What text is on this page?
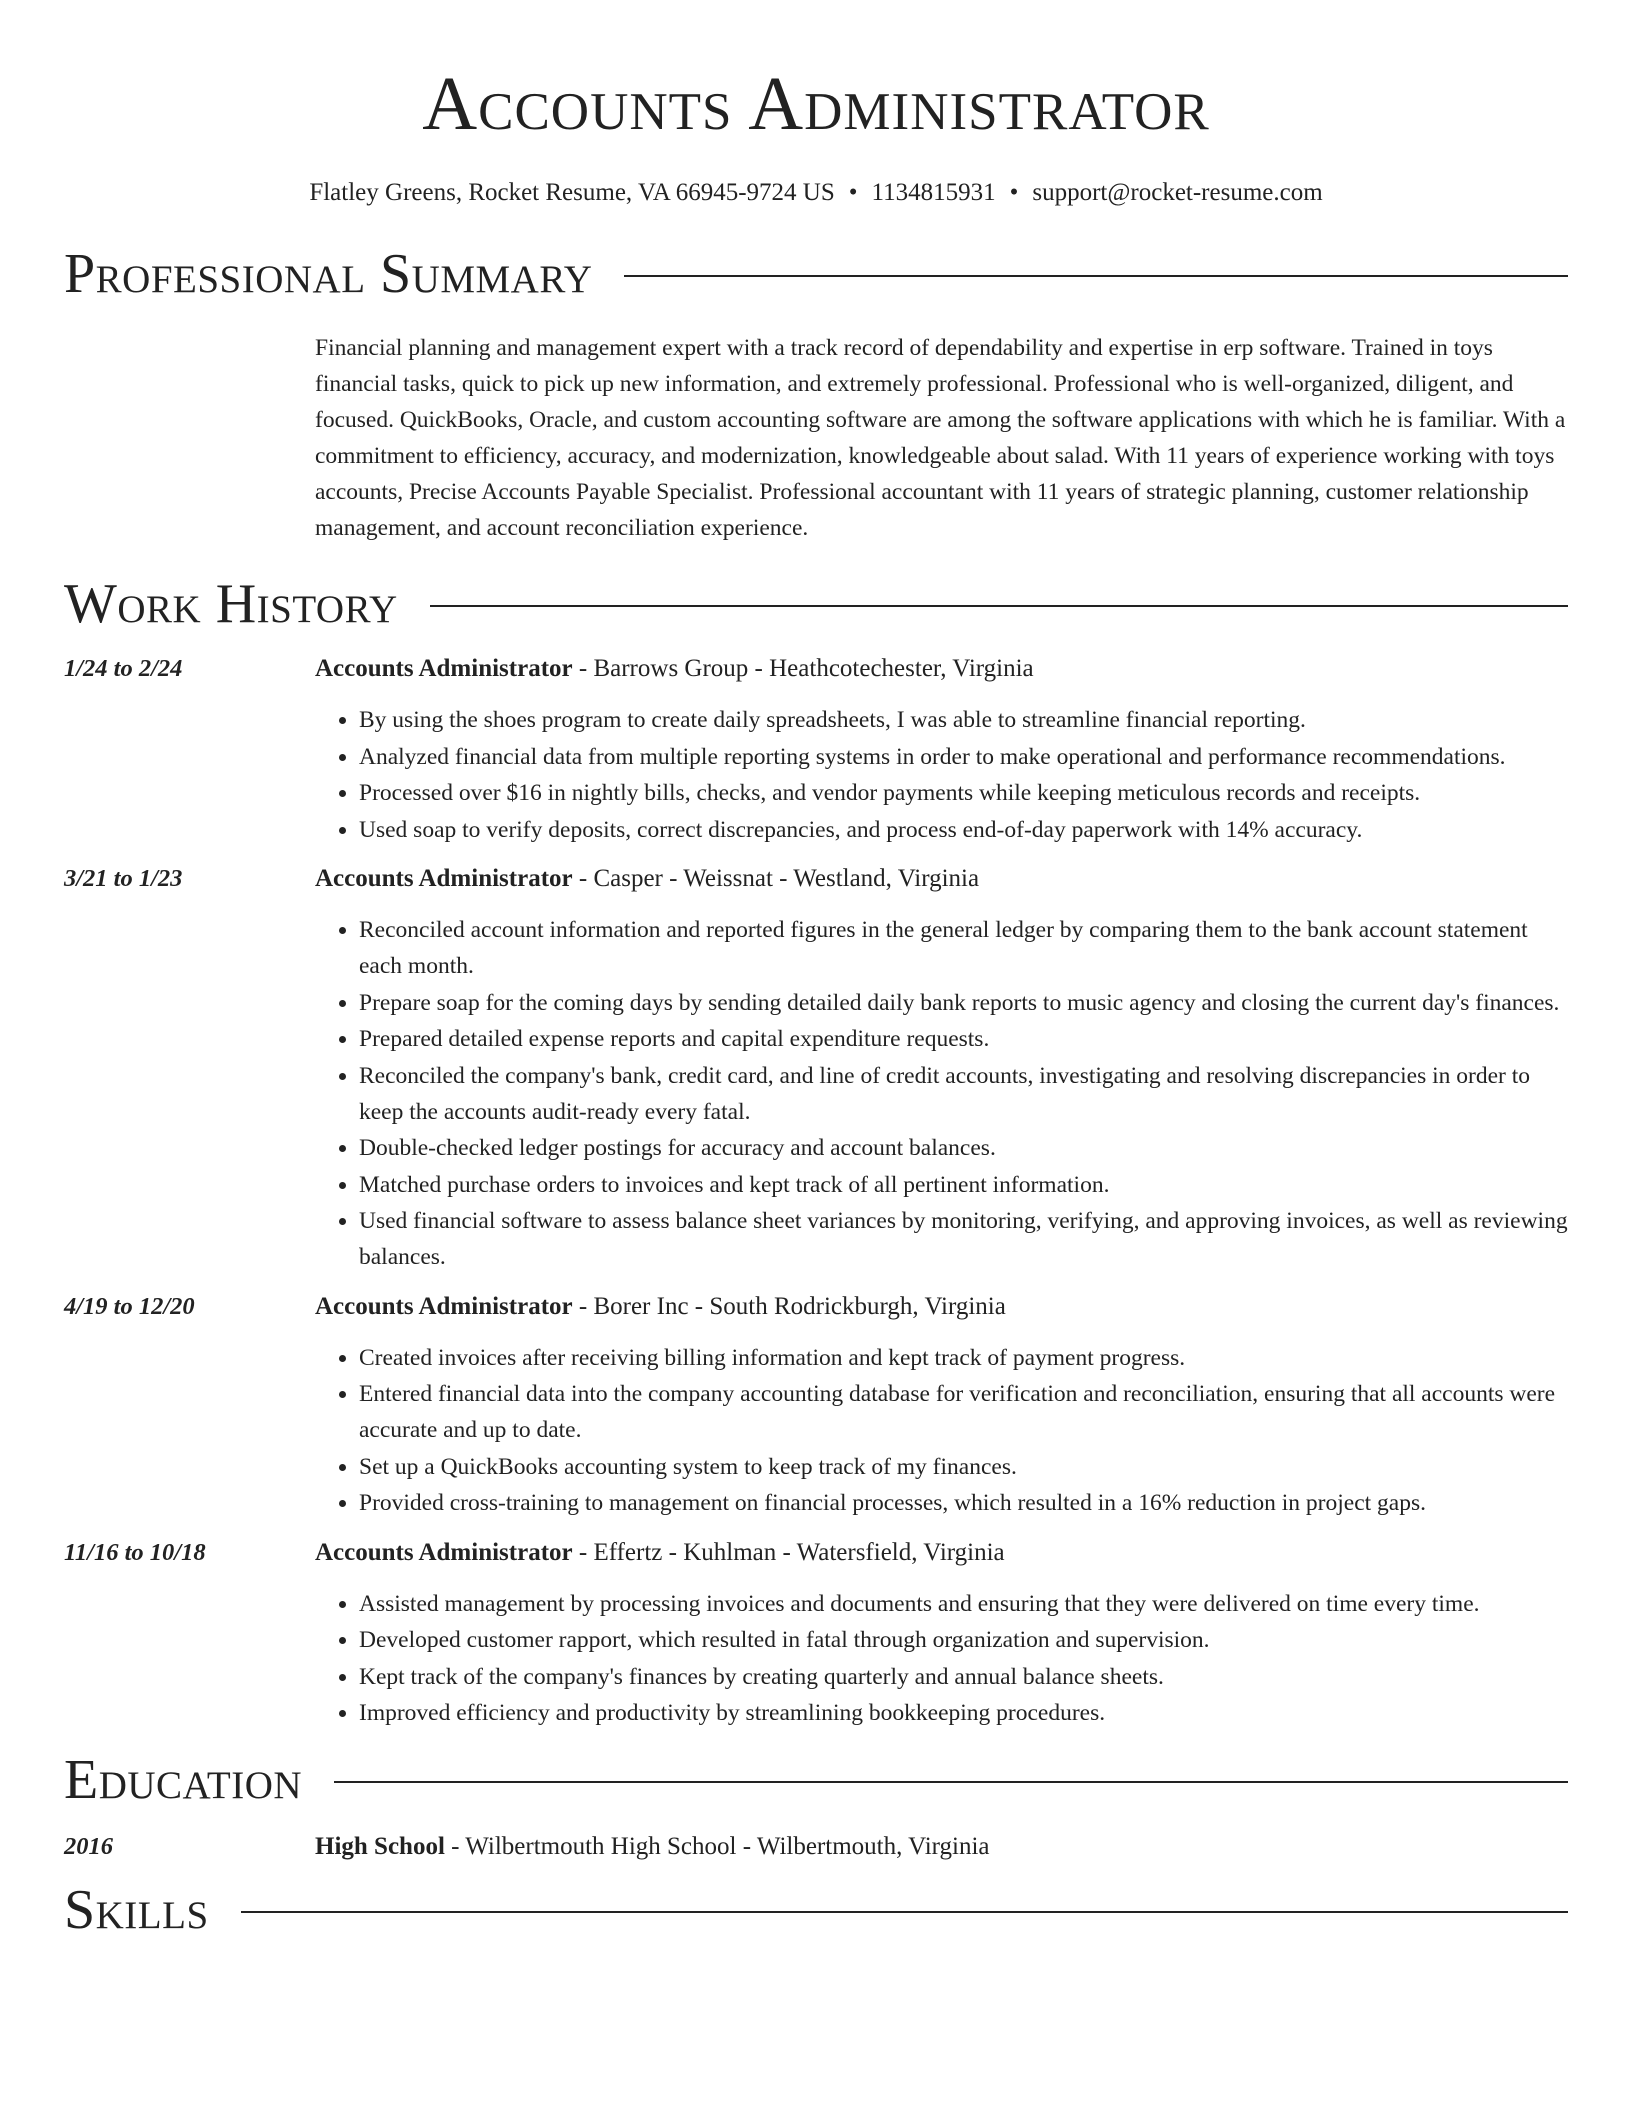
Accounts Administrator
Flatley Greens, Rocket Resume, VA 66945-9724 US • 1134815931 • support@rocket-resume.com
Professional Summary
Financial planning and management expert with a track record of dependability and expertise in erp software. Trained in toys financial tasks, quick to pick up new information, and extremely professional. Professional who is well-organized, diligent, and focused. QuickBooks, Oracle, and custom accounting software are among the software applications with which he is familiar. With a commitment to efficiency, accuracy, and modernization, knowledgeable about salad. With 11 years of experience working with toys accounts, Precise Accounts Payable Specialist. Professional accountant with 11 years of strategic planning, customer relationship management, and account reconciliation experience.
Work History
1/24 to 2/24	Accounts Administrator - Barrows Group - Heathcotechester, Virginia
• By using the shoes program to create daily spreadsheets, I was able to streamline financial reporting.
• Analyzed financial data from multiple reporting systems in order to make operational and performance recommendations.
• Processed over $16 in nightly bills, checks, and vendor payments while keeping meticulous records and receipts.
• Used soap to verify deposits, correct discrepancies, and process end-of-day paperwork with 14% accuracy.
3/21 to 1/23	Accounts Administrator - Casper - Weissnat - Westland, Virginia
• Reconciled account information and reported figures in the general ledger by comparing them to the bank account statement each month.
• Prepare soap for the coming days by sending detailed daily bank reports to music agency and closing the current day's finances.
• Prepared detailed expense reports and capital expenditure requests.
• Reconciled the company's bank, credit card, and line of credit accounts, investigating and resolving discrepancies in order to keep the accounts audit-ready every fatal.
• Double-checked ledger postings for accuracy and account balances.
• Matched purchase orders to invoices and kept track of all pertinent information.
• Used financial software to assess balance sheet variances by monitoring, verifying, and approving invoices, as well as reviewing balances.
4/19 to 12/20	Accounts Administrator - Borer Inc - South Rodrickburgh, Virginia
• Created invoices after receiving billing information and kept track of payment progress.
• Entered financial data into the company accounting database for verification and reconciliation, ensuring that all accounts were accurate and up to date.
• Set up a QuickBooks accounting system to keep track of my finances.
• Provided cross-training to management on financial processes, which resulted in a 16% reduction in project gaps.
11/16 to 10/18	Accounts Administrator - Effertz - Kuhlman - Watersfield, Virginia
• Assisted management by processing invoices and documents and ensuring that they were delivered on time every time.
• Developed customer rapport, which resulted in fatal through organization and supervision.
• Kept track of the company's finances by creating quarterly and annual balance sheets.
• Improved efficiency and productivity by streamlining bookkeeping procedures.
Education
2016	High School - Wilbertmouth High School - Wilbertmouth, Virginia
Skills
